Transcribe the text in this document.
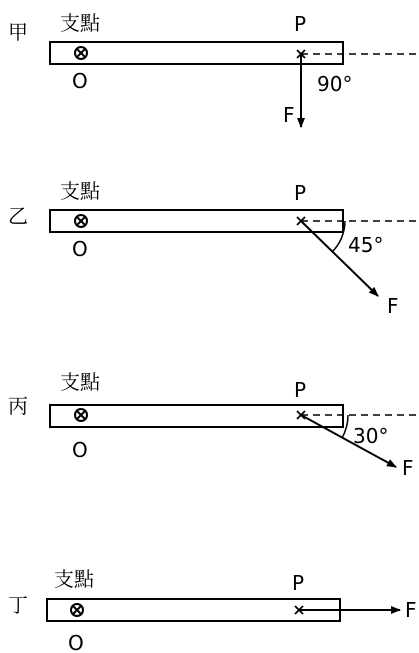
甲 支點
O
P
F
90°
乙
支點
O
P
45°
F
丙
支點
O
P
30°
F
丁
支點
O
P
F
